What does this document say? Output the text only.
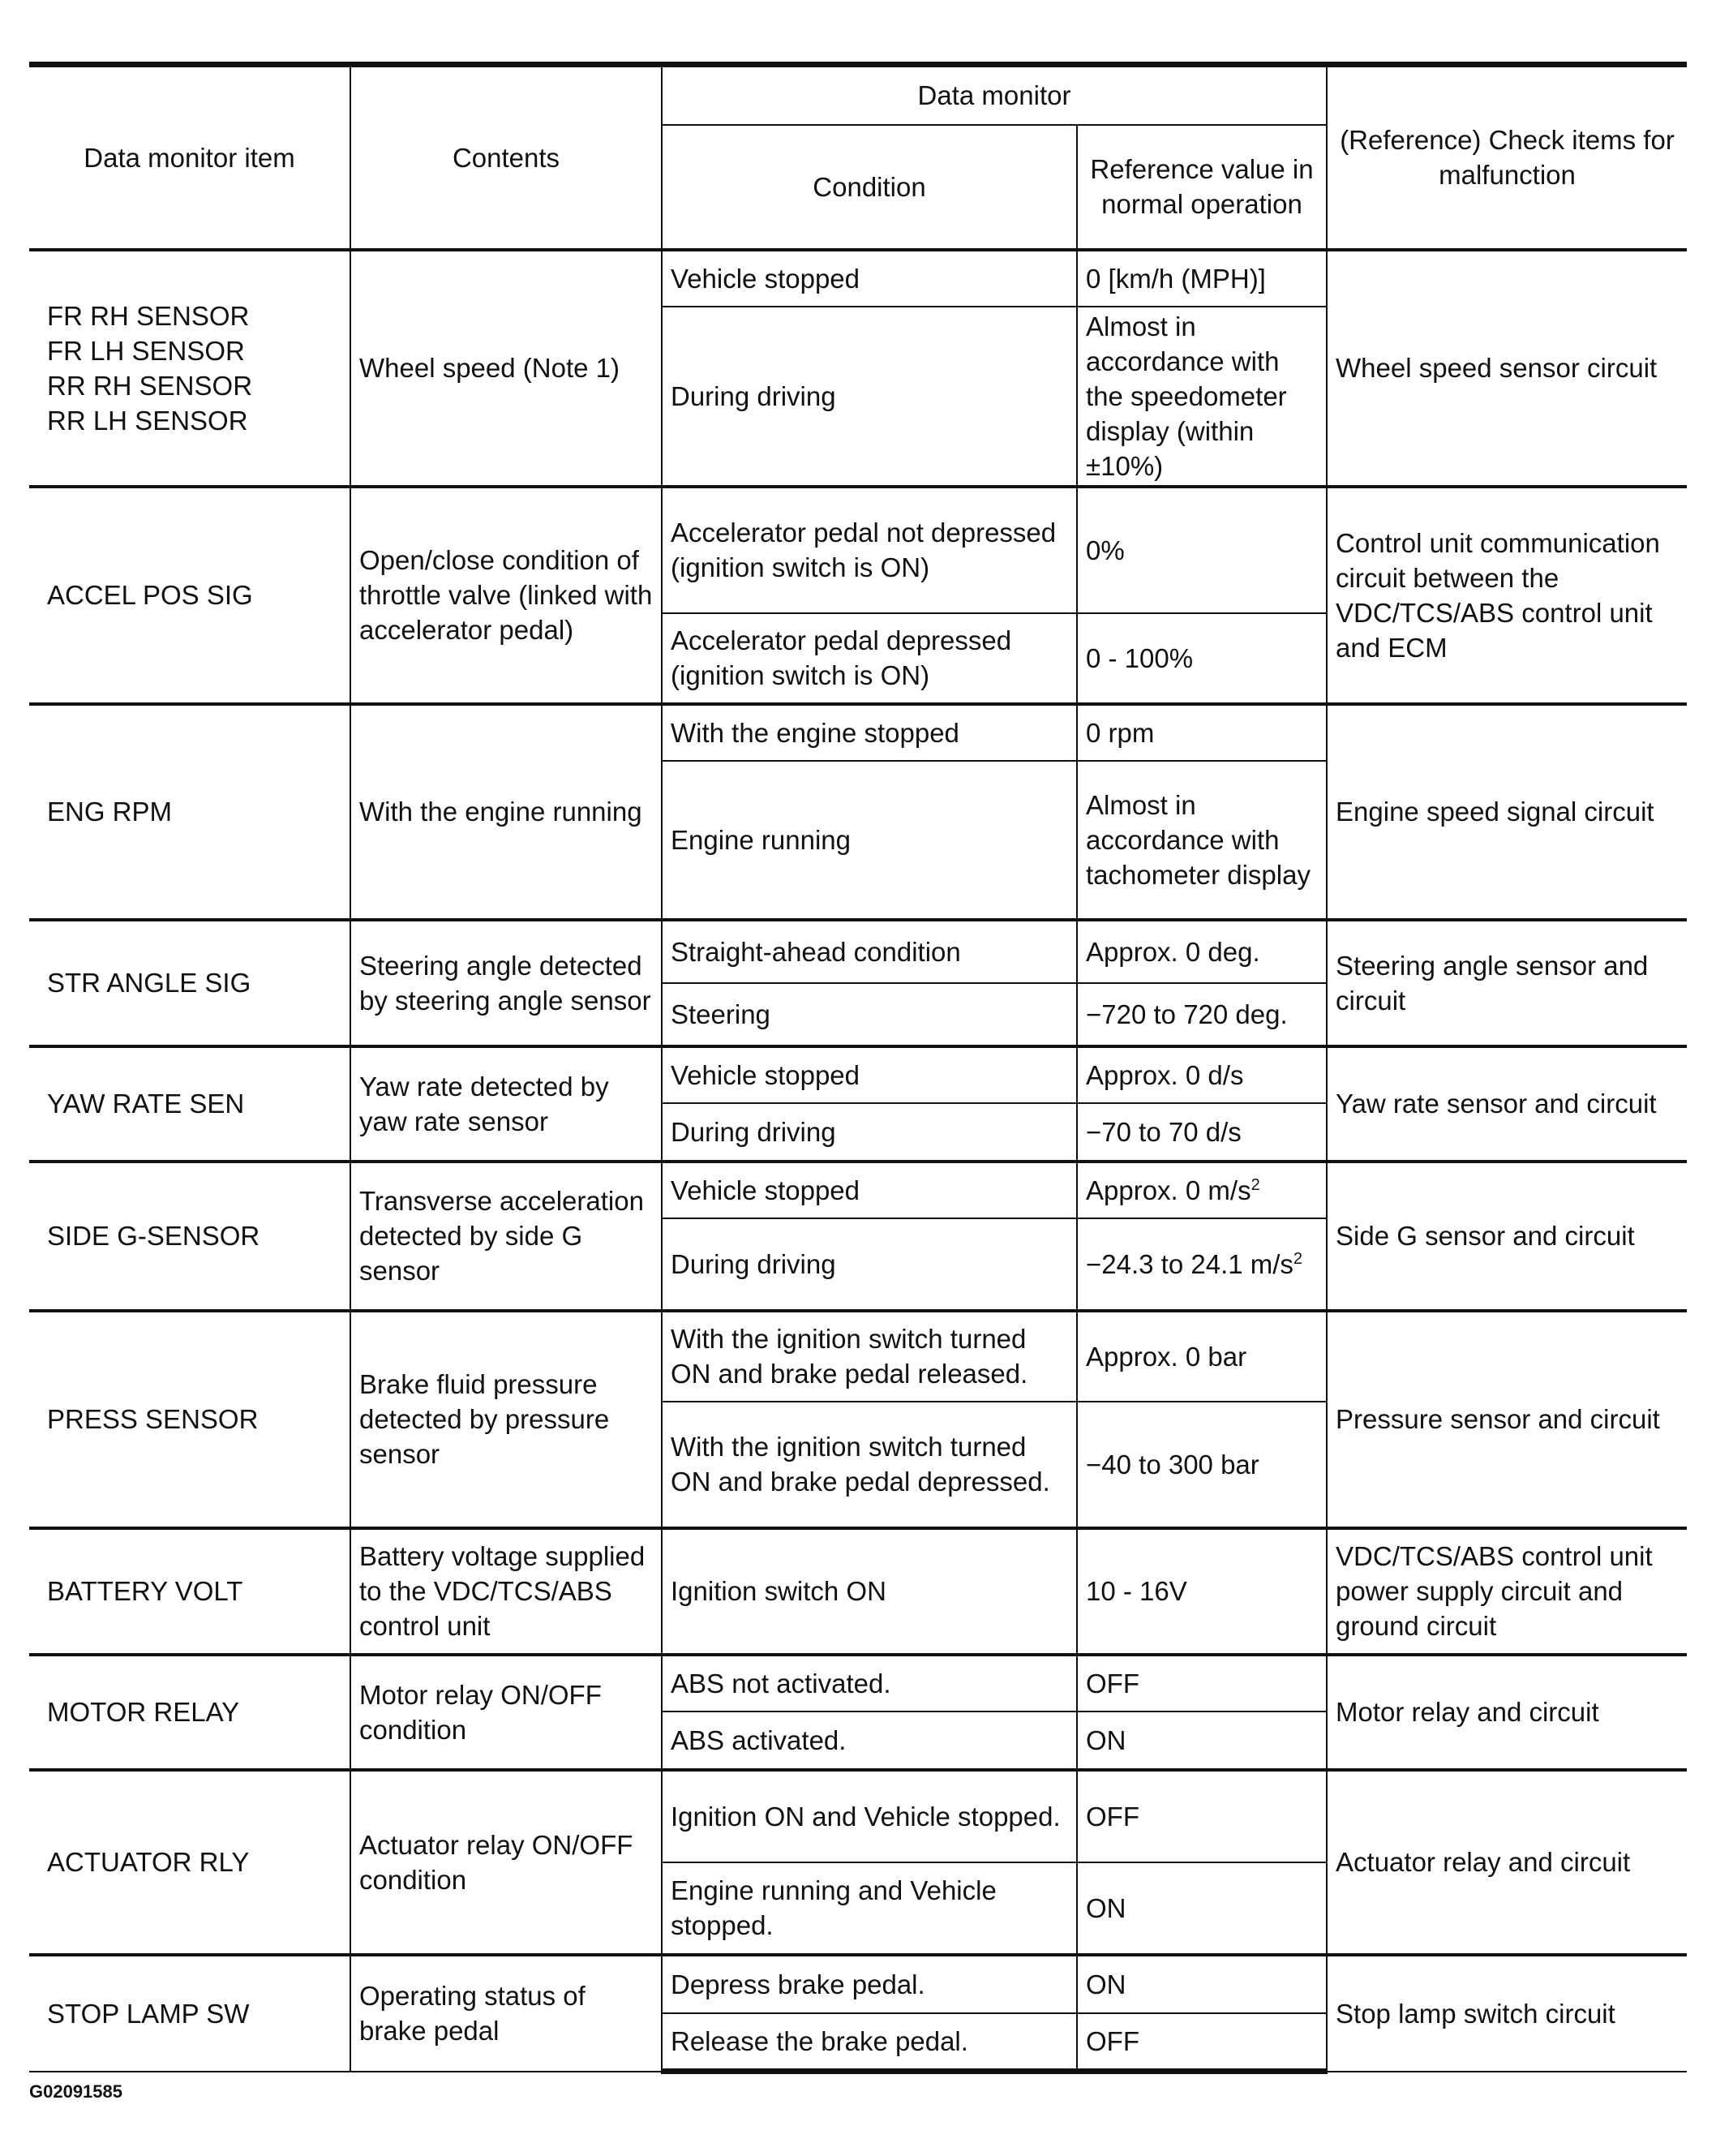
Data monitor item	Contents	Data monitor		(Reference) Check items for malfunction
		Condition	Reference value in normal operation	

FR RH SENSOR
FR LH SENSOR
RR RH SENSOR
RR LH SENSOR	Wheel speed (Note 1)	Vehicle stopped	0 [km/h (MPH)]	Wheel speed sensor circuit
		During driving	Almost in accordance with the speedometer display (within ±10%)	

ACCEL POS SIG	Open/close condition of throttle valve (linked with accelerator pedal)	Accelerator pedal not depressed (ignition switch is ON)	0%	Control unit communication circuit between the VDC/TCS/ABS control unit and ECM
		Accelerator pedal depressed (ignition switch is ON)	0 - 100%	

ENG RPM	With the engine running	With the engine stopped	0 rpm	Engine speed signal circuit
		Engine running	Almost in accordance with tachometer display	

STR ANGLE SIG	Steering angle detected by steering angle sensor	Straight-ahead condition	Approx. 0 deg.	Steering angle sensor and circuit
		Steering	−720 to 720 deg.	

YAW RATE SEN	Yaw rate detected by yaw rate sensor	Vehicle stopped	Approx. 0 d/s	Yaw rate sensor and circuit
		During driving	−70 to 70 d/s	

SIDE G-SENSOR	Transverse acceleration detected by side G sensor	Vehicle stopped	Approx. 0 $m/s^2$	Side G sensor and circuit
		During driving	−24.3 to 24.1 $m/s^2$

PRESS SENSOR	Brake fluid pressure detected by pressure sensor	With the ignition switch turned ON and brake pedal released.	Approx. 0 bar	Pressure sensor and circuit
		With the ignition switch turned ON and brake pedal depressed.	−40 to 300 bar	

BATTERY VOLT	Battery voltage supplied to the VDC/TCS/ABS control unit	Ignition switch ON	10 - 16V	VDC/TCS/ABS control unit power supply circuit and ground circuit

MOTOR RELAY	Motor relay ON/OFF condition	ABS not activated.	OFF	Motor relay and circuit
		ABS activated.	ON	

ACTUATOR RLY	Actuator relay ON/OFF condition	Ignition ON and Vehicle stopped.	OFF	Actuator relay and circuit
		Engine running and Vehicle stopped.	ON	

STOP LAMP SW	Operating status of brake pedal	Depress brake pedal.	ON	Stop lamp switch circuit
		Release the brake pedal.	OFF	
G02091585
